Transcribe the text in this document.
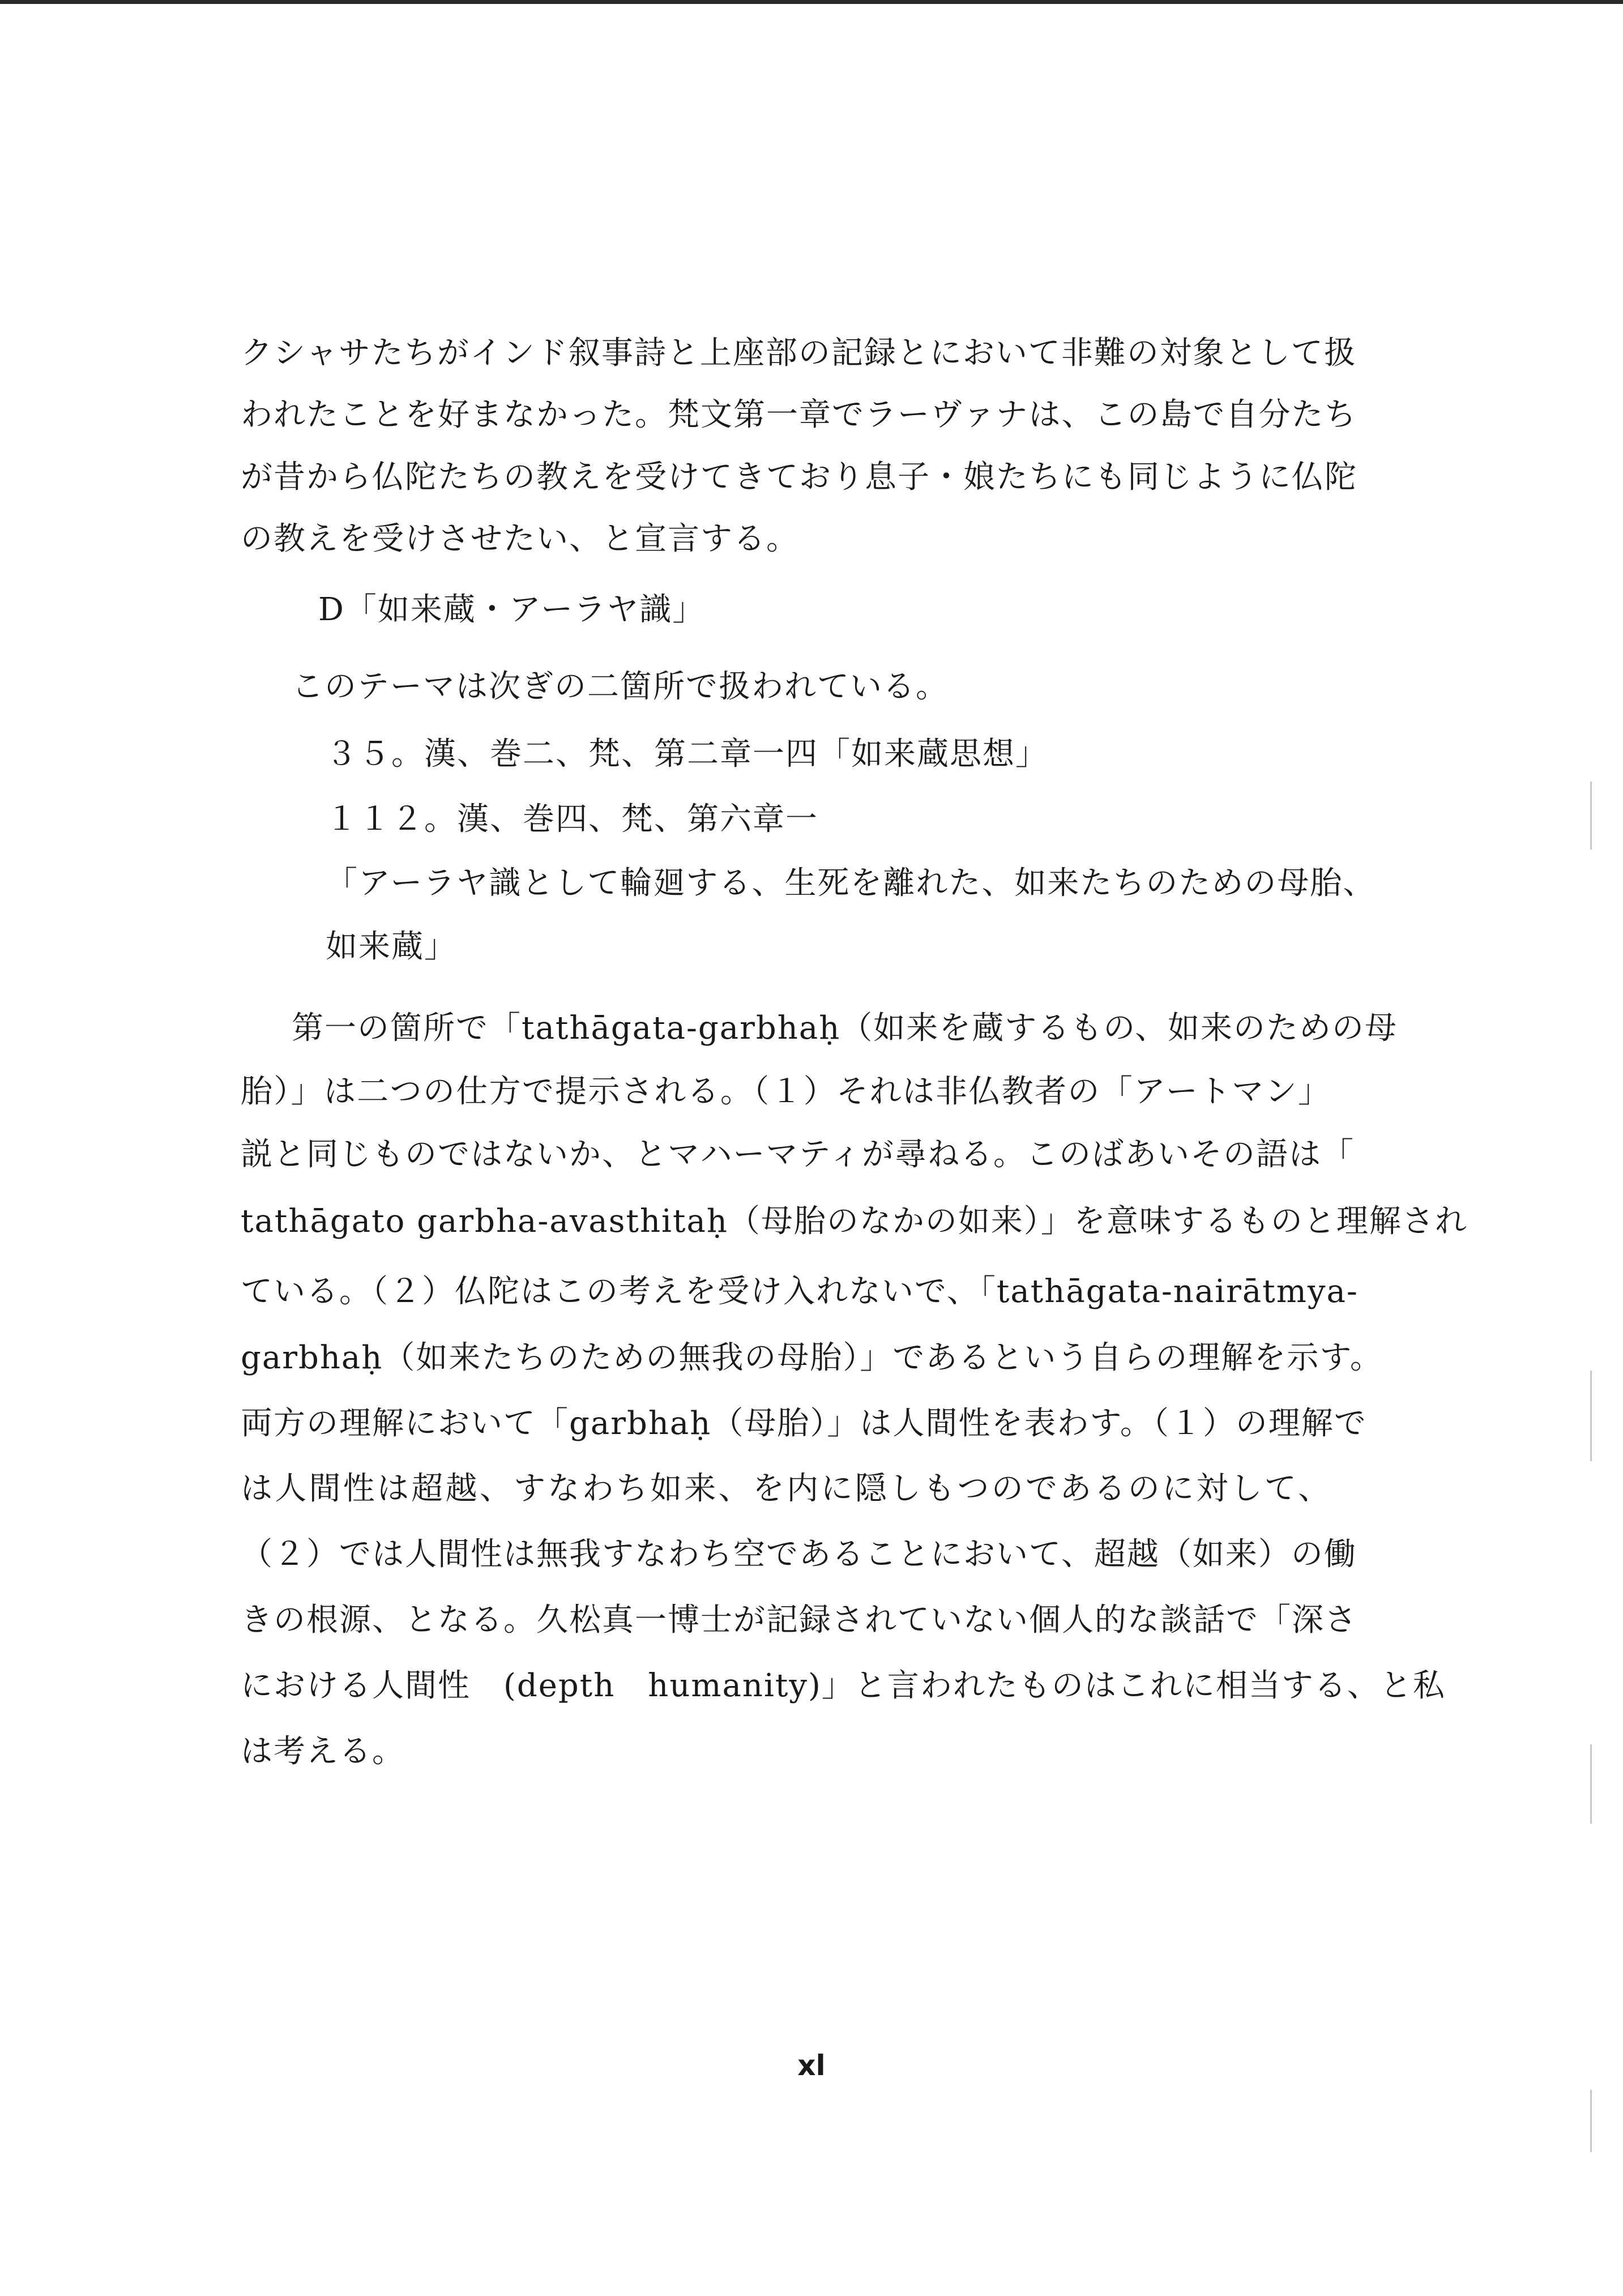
クシャサたちがインド叙事詩と上座部の記録とにおいて非難の対象として扱
われたことを好まなかった。梵文第一章でラーヴァナは、この島で自分たち
が昔から仏陀たちの教えを受けてきており息子・娘たちにも同じように仏陀
の教えを受けさせたい、と宣言する。
D「如来蔵・アーラヤ識」
このテーマは次ぎの二箇所で扱われている。
３５。漢、巻二、梵、第二章一四「如来蔵思想」
１１２。漢、巻四、梵、第六章一
「アーラヤ識として輪廻する、生死を離れた、如来たちのための母胎、
如来蔵」
第一の箇所で「tathāgata-garbhaḥ（如来を蔵するもの、如来のための母
胎）」は二つの仕方で提示される。（１）それは非仏教者の「アートマン」
説と同じものではないか、とマハーマティが尋ねる。このばあいその語は「
tathāgato garbha-avasthitaḥ（母胎のなかの如来）」を意味するものと理解され
ている。（２）仏陀はこの考えを受け入れないで、「tathāgata-nairātmya-
garbhaḥ（如来たちのための無我の母胎）」であるという自らの理解を示す。
両方の理解において「garbhaḥ（母胎）」は人間性を表わす。（１）の理解で
は人間性は超越、すなわち如来、を内に隠しもつのであるのに対して、
（２）では人間性は無我すなわち空であることにおいて、超越（如来）の働
きの根源、となる。久松真一博士が記録されていない個人的な談話で「深さ
における人間性　(depth　humanity)」と言われたものはこれに相当する、と私
は考える。
xl
